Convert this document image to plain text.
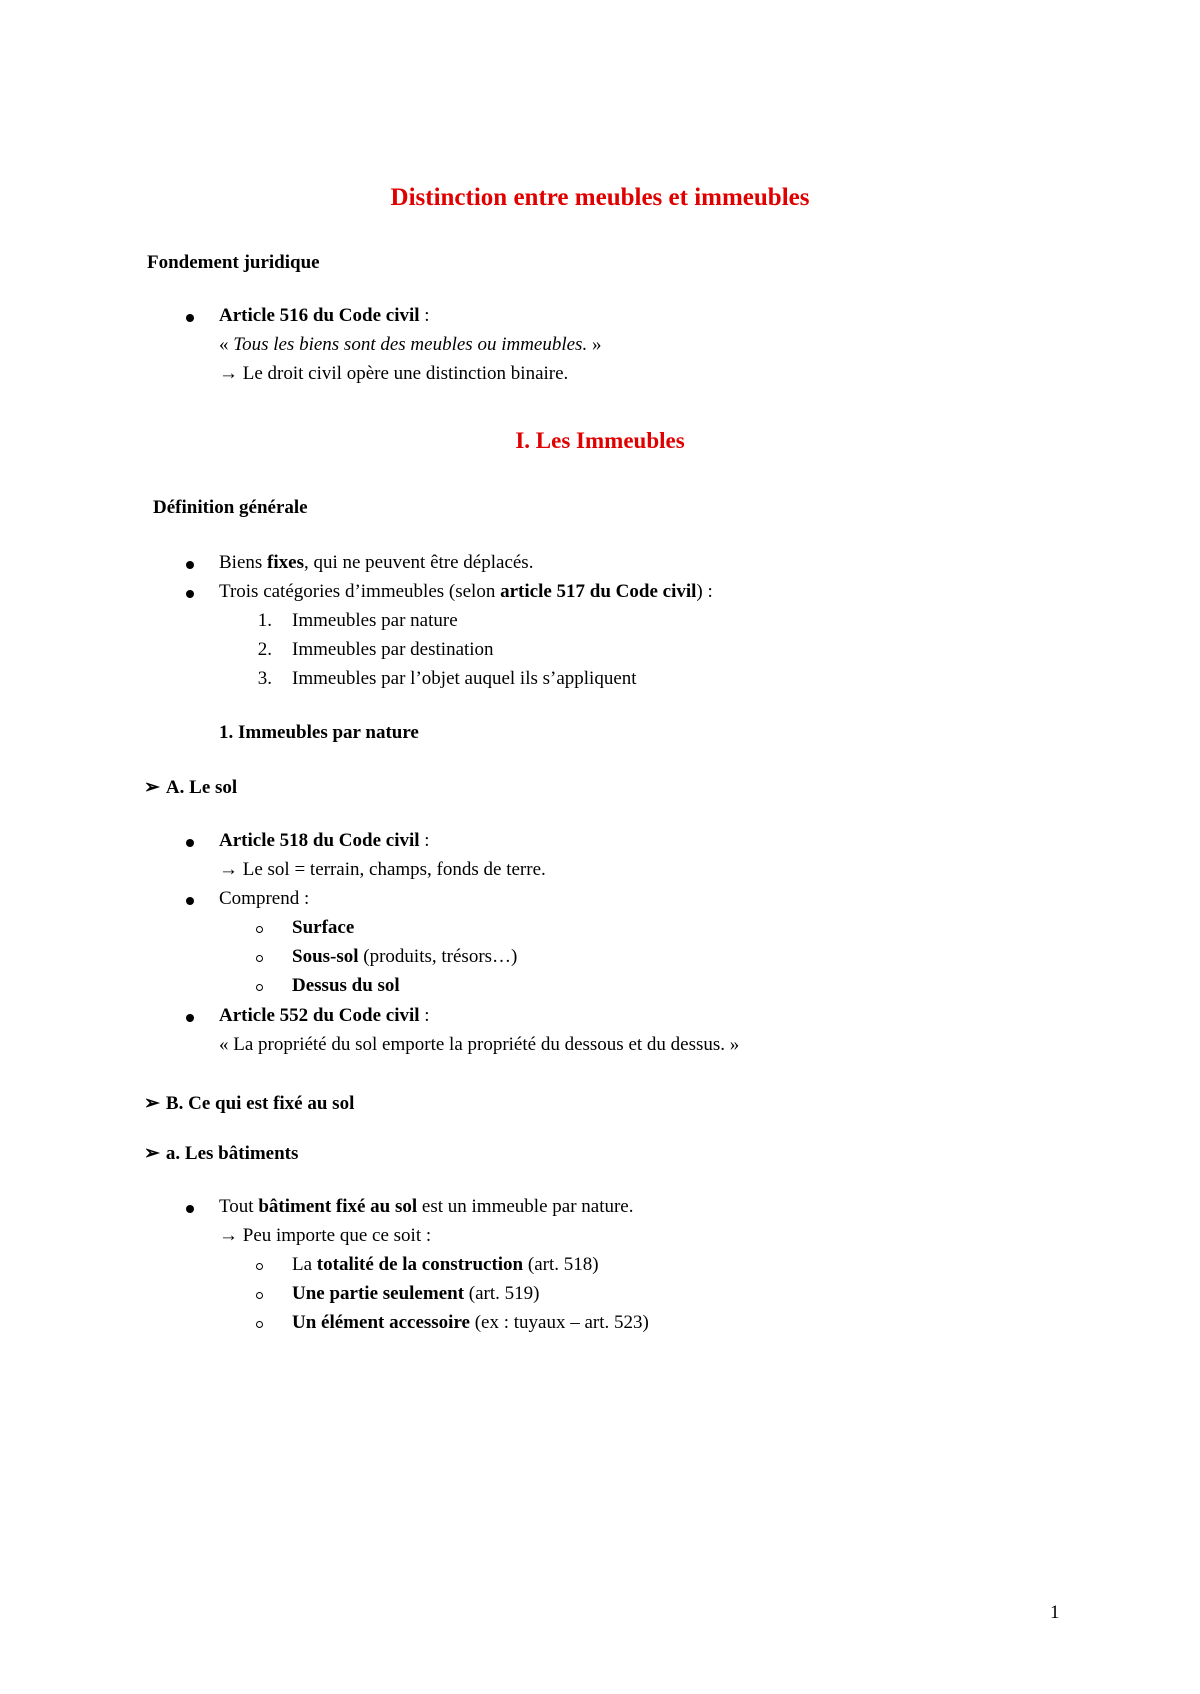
Distinction entre meubles et immeubles
Fondement juridique
Article 516 du Code civil :
« Tous les biens sont des meubles ou immeubles. »
→ Le droit civil opère une distinction binaire.
I. Les Immeubles
Définition générale
Biens fixes, qui ne peuvent être déplacés.
Trois catégories d’immeubles (selon article 517 du Code civil) :
1. Immeubles par nature
2. Immeubles par destination
3. Immeubles par l’objet auquel ils s’appliquent
1. Immeubles par nature
➢ A. Le sol
Article 518 du Code civil :
→ Le sol = terrain, champs, fonds de terre.
Comprend :
Surface
Sous-sol (produits, trésors…)
Dessus du sol
Article 552 du Code civil :
« La propriété du sol emporte la propriété du dessous et du dessus. »
➢ B. Ce qui est fixé au sol
➢ a. Les bâtiments
Tout bâtiment fixé au sol est un immeuble par nature.
→ Peu importe que ce soit :
La totalité de la construction (art. 518)
Une partie seulement (art. 519)
Un élément accessoire (ex : tuyaux – art. 523)
1
